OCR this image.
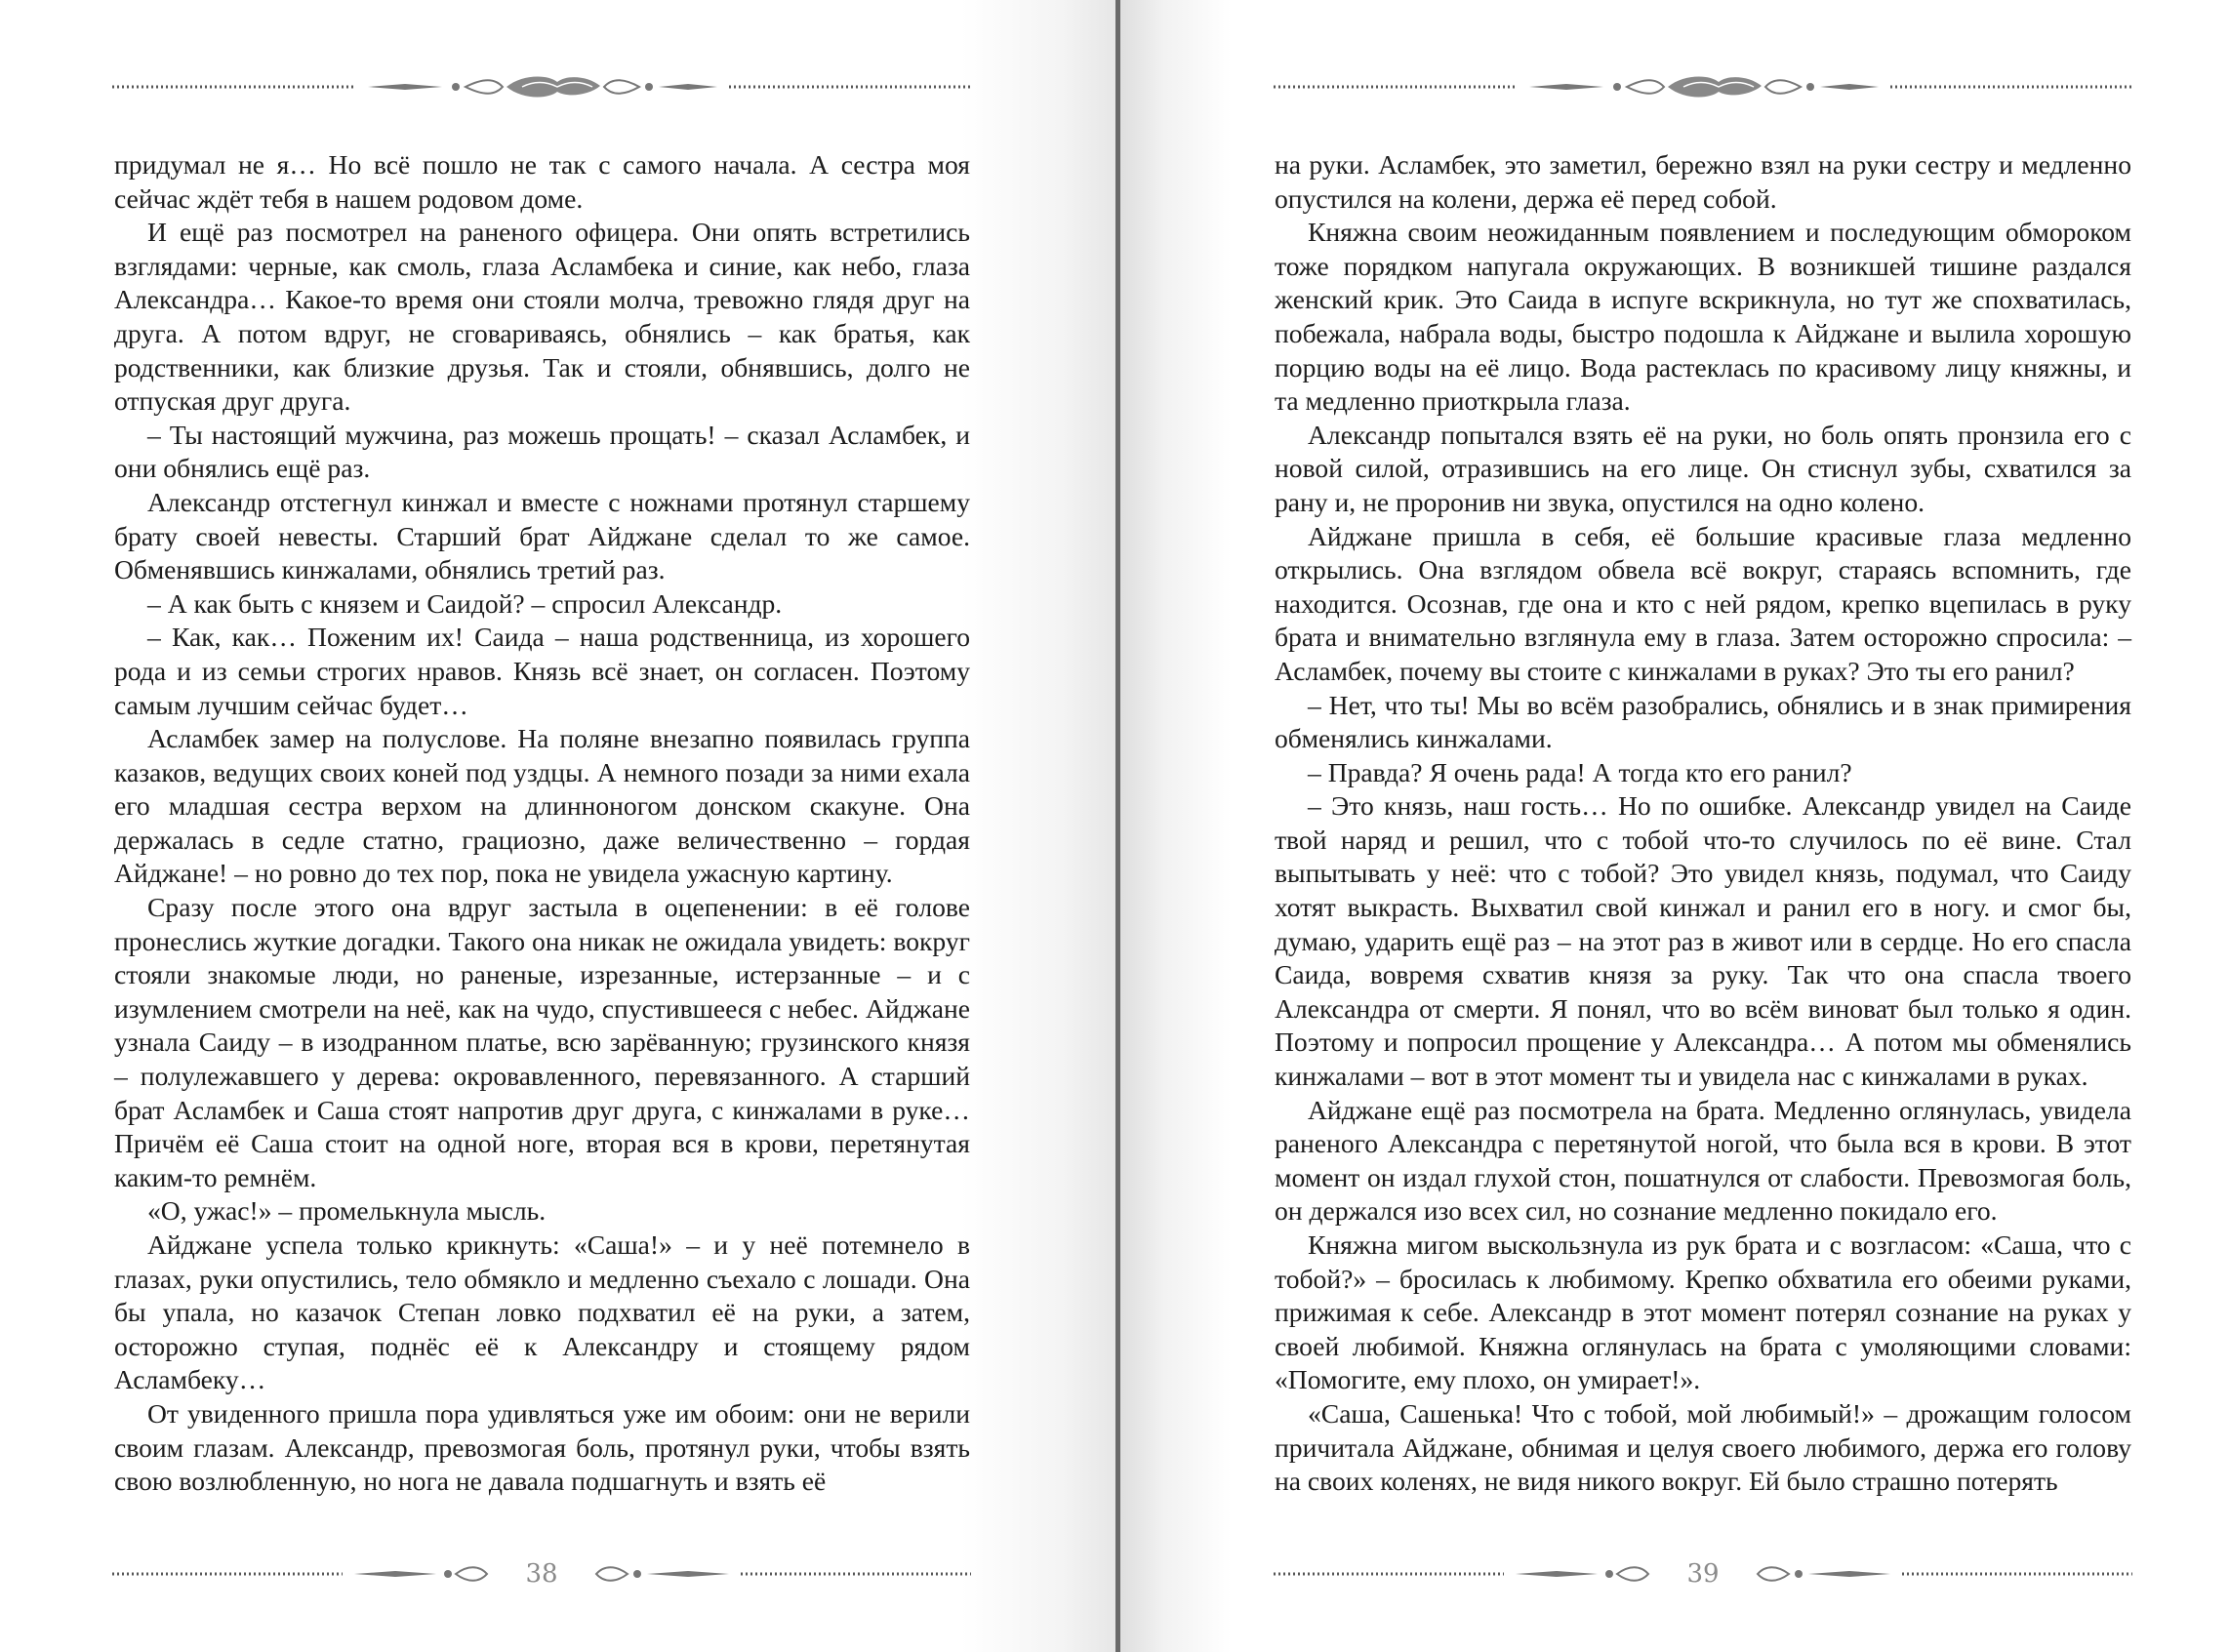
придумал не я… Но всё пошло не так с самого начала. А сестра моя сейчас ждёт тебя в нашем родовом доме.

И ещё раз посмотрел на раненого офицера. Они опять встретились взглядами: черные, как смоль, глаза Асламбека и синие, как небо, глаза Александра… Какое-то время они стояли молча, тревожно глядя друг на друга. А потом вдруг, не сговариваясь, обнялись – как братья, как родственники, как близкие друзья. Так и стояли, обнявшись, долго не отпуская друг друга.

– Ты настоящий мужчина, раз можешь прощать! – сказал Асламбек, и они обнялись ещё раз.

Александр отстегнул кинжал и вместе с ножнами протянул старшему брату своей невесты. Старший брат Айджане сделал то же самое. Обменявшись кинжалами, обнялись третий раз.

– А как быть с князем и Саидой? – спросил Александр.

– Как, как… Поженим их! Саида – наша родственница, из хорошего рода и из семьи строгих нравов. Князь всё знает, он согласен. Поэтому самым лучшим сейчас будет…

Асламбек замер на полуслове. На поляне внезапно появилась группа казаков, ведущих своих коней под уздцы. А немного позади за ними ехала его младшая сестра верхом на длинноногом донском скакуне. Она держалась в седле статно, грациозно, даже величественно – гордая Айджане! – но ровно до тех пор, пока не увидела ужасную картину.

Сразу после этого она вдруг застыла в оцепенении: в её голове пронеслись жуткие догадки. Такого она никак не ожидала увидеть: вокруг стояли знакомые люди, но раненые, изрезанные, истерзанные – и с изумлением смотрели на неё, как на чудо, спустившееся с небес. Айджане узнала Саиду – в изодранном платье, всю зарёванную; грузинского князя – полулежавшего у дерева: окровавленного, перевязанного. А старший брат Асламбек и Саша стоят напротив друг друга, с кинжалами в руке… Причём её Саша стоит на одной ноге, вторая вся в крови, перетянутая каким-то ремнём.

«О, ужас!» – промелькнула мысль.

Айджане успела только крикнуть: «Саша!» – и у неё потемнело в глазах, руки опустились, тело обмякло и медленно съехало с лошади. Она бы упала, но казачок Степан ловко подхватил её на руки, а затем, осторожно ступая, поднёс её к Александру и стоящему рядом Асламбеку…

От увиденного пришла пора удивляться уже им обоим: они не верили своим глазам. Александр, превозмогая боль, протянул руки, чтобы взять свою возлюбленную, но нога не давала подшагнуть и взять её

38

на руки. Асламбек, это заметил, бережно взял на руки сестру и медленно опустился на колени, держа её перед собой.

Княжна своим неожиданным появлением и последующим обмороком тоже порядком напугала окружающих. В возникшей тишине раздался женский крик. Это Саида в испуге вскрикнула, но тут же спохватилась, побежала, набрала воды, быстро подошла к Айджане и вылила хорошую порцию воды на её лицо. Вода растеклась по красивому лицу княжны, и та медленно приоткрыла глаза.

Александр попытался взять её на руки, но боль опять пронзила его с новой силой, отразившись на его лице. Он стиснул зубы, схватился за рану и, не проронив ни звука, опустился на одно колено.

Айджане пришла в себя, её большие красивые глаза медленно открылись. Она взглядом обвела всё вокруг, стараясь вспомнить, где находится. Осознав, где она и кто с ней рядом, крепко вцепилась в руку брата и внимательно взглянула ему в глаза. Затем осторожно спросила: – Асламбек, почему вы стоите с кинжалами в руках? Это ты его ранил?

– Нет, что ты! Мы во всём разобрались, обнялись и в знак примирения обменялись кинжалами.

– Правда? Я очень рада! А тогда кто его ранил?

– Это князь, наш гость… Но по ошибке. Александр увидел на Саиде твой наряд и решил, что с тобой что-то случилось по её вине. Стал выпытывать у неё: что с тобой? Это увидел князь, подумал, что Саиду хотят выкрасть. Выхватил свой кинжал и ранил его в ногу. и смог бы, думаю, ударить ещё раз – на этот раз в живот или в сердце. Но его спасла Саида, вовремя схватив князя за руку. Так что она спасла твоего Александра от смерти. Я понял, что во всём виноват был только я один. Поэтому и попросил прощение у Александра… А потом мы обменялись кинжалами – вот в этот момент ты и увидела нас с кинжалами в руках.

Айджане ещё раз посмотрела на брата. Медленно оглянулась, увидела раненого Александра с перетянутой ногой, что была вся в крови. В этот момент он издал глухой стон, пошатнулся от слабости. Превозмогая боль, он держался изо всех сил, но сознание медленно покидало его.

Княжна мигом выскользнула из рук брата и с возгласом: «Саша, что с тобой?» – бросилась к любимому. Крепко обхватила его обеими руками, прижимая к себе. Александр в этот момент потерял сознание на руках у своей любимой. Княжна оглянулась на брата с умоляющими словами: «Помогите, ему плохо, он умирает!».

«Саша, Сашенька! Что с тобой, мой любимый!» – дрожащим голосом причитала Айджане, обнимая и целуя своего любимого, держа его голову на своих коленях, не видя никого вокруг. Ей было страшно потерять

39
